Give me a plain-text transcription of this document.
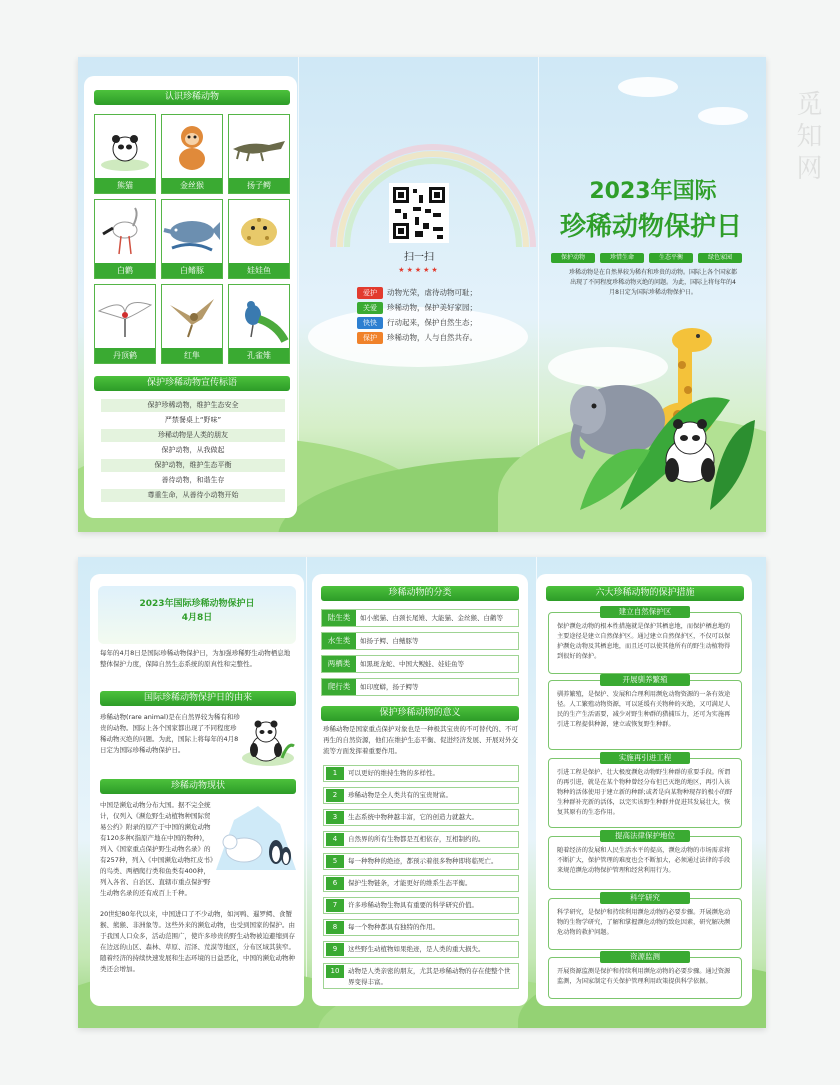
认识珍稀动物
熊猫	金丝猴	扬子鳄
白鹳	白鳍豚	娃娃鱼
丹顶鹤	红隼	孔雀雉
保护珍稀动物宣传标语
保护珍稀动物，维护生态安全
严禁餐桌上“野味”
珍稀动物是人类的朋友
保护动物，从我做起
保护动物，维护生态平衡
善待动物，和谐生存
尊重生命，从善待小动物开始
扫一扫
★★★★★
爱护 动物光荣，虐待动物可耻；
关爱 珍稀动物，保护美好家园；
快快 行动起来，保护自然生态；
保护 珍稀动物，人与自然共存。
2023年国际
珍稀动物保护日
保护动物	珍惜生命	生态平衡	绿色家园
珍稀动物是在自然界较为稀有和珍贵的动物。国际上各个国家都出现了不同程度珍稀动物灭绝的问题。为此，国际上将每年的4月8日定为国际珍稀动物保护日。
2023年国际珍稀动物保护日
4月8日
每年的4月8日是国际珍稀动物保护日，为加强珍稀野生动物栖息地整体保护力度，保障自然生态系统的原真性和完整性。
国际珍稀动物保护日的由来
珍稀动物(rare animal)是在自然界较为稀有和珍贵的动物。国际上各个国家都出现了不同程度珍稀动物灭绝的问题。为此，国际上将每年的4月8日定为国际珍稀动物保护日。
珍稀动物现状
中国是濒危动物分布大国。据不完全统计，仅列入《濒危野生动植物种国际贸易公约》附录的原产于中国的濒危动物有120多种(指原产地在中国的物种)，列入《国家重点保护野生动物名录》的有257种，列入《中国濒危动物红皮书》的鸟类、两栖爬行类和鱼类有400种，列入各省、自治区、直辖市重点保护野生动物名录的还有成百上千种。
20世纪80年代以来，中国进口了不少动物，如河鸭、暹罗鳄、食蟹猴、熊猴、非洲象等。这些外来的濒危动物，也受到国家的保护。由于我国人口众多，活动范围广，使许多珍贵的野生动物被迫避缩到存在边远的山区、森林、草原、沼泽、荒漠等地区，分布区域其狭窄。随着经济的持续快速发展和生态环境的日益恶化，中国的濒危动物种类还会增加。
珍稀动物的分类
陆生类	如小熊猫、白颈长尾雉、大能猫、金丝猴、白鹳等
水生类	如扬子鳄、白鳍豚等
两栖类	如黑斑龙蛇、中国大鲵蛙、娃娃鱼等
爬行类	如印度蟒，扬子鳄等
保护珍稀动物的意义
珍稀动物是国家重点保护对象也是一种极其宝贵的不可替代的、不可再生的自然资源，他们在维护生态平衡、促进经济发展、开展对外交流等方面发挥着重要作用。
1	可以更好的维持生物的多样性。
2	珍稀动物是全人类共有的宝贵财富。
3	生态系统中物种越丰富，它的创造力就越大。
4	自然界的所有生物都是互相依存，互相制约的。
5	每一种物种的绝迹，都预示着很多物种即将临死亡。
6	保护生物链条，才能更好的维系生态平衡。
7	许多珍稀动物生物具有重要的科学研究价值。
8	每一个物种都具有独特的作用。
9	这些野生动植物如果绝迹，是人类的重大损失。
10	动物是人类亲密的朋友，尤其是珍稀动物的存在使整个世界变得丰富。
六大珍稀动物的保护措施
保护濒危动物的根本性措施就是保护其栖息地，而保护栖息地的主要途径是建立自然保护区。通过建立自然保护区，不仅可以保护濒危动物及其栖息地，而且还可以使其他所有的野生动植物得到很好的保护。
建立自然保护区
驯养繁殖，是保护、发展和合理利用濒危动物资源的一条有效途径。人工繁殖动物资源，可以延缓有关物种的灭绝，又可满足人民的生产生活需要，减少对野生种群的猎捕压力，还可为实施再引进工程提供种源，建立或恢复野生种群。
开展驯养繁殖
引进工程是保护、壮大极度濒危动物野生种群的重要手段。所谓的再引进，就是在某个物种曾经分布但已灭绝的地区，再引入该物种的活体使用于建立新的种群;或者是向某物种现存的极小的野生种群补充新的活体，以完实该野生种群并促进其发展壮大，恢复其原有的生态作用。
实施再引进工程
随着经济的发展和人民生活水平的提高，濒危动物的市场需求将不断扩大，保护管理的难度也会不断加大，必须通过法律的手段来规范濒危动物保护管理和经营利用行为。
提高法律保护地位
科学研究，是保护和持续利用濒危动物的必要步骤。开展濒危动物的生物学研究，了解和掌握濒危动物的致危因素，研究解决濒危动物的救护问题。
科学研究
开展资源监测是保护和持续利用濒危动物的必要步骤。通过资源监测，为国家制定有关保护管理利用政策提供科学依据。
资源监测
觅知网
